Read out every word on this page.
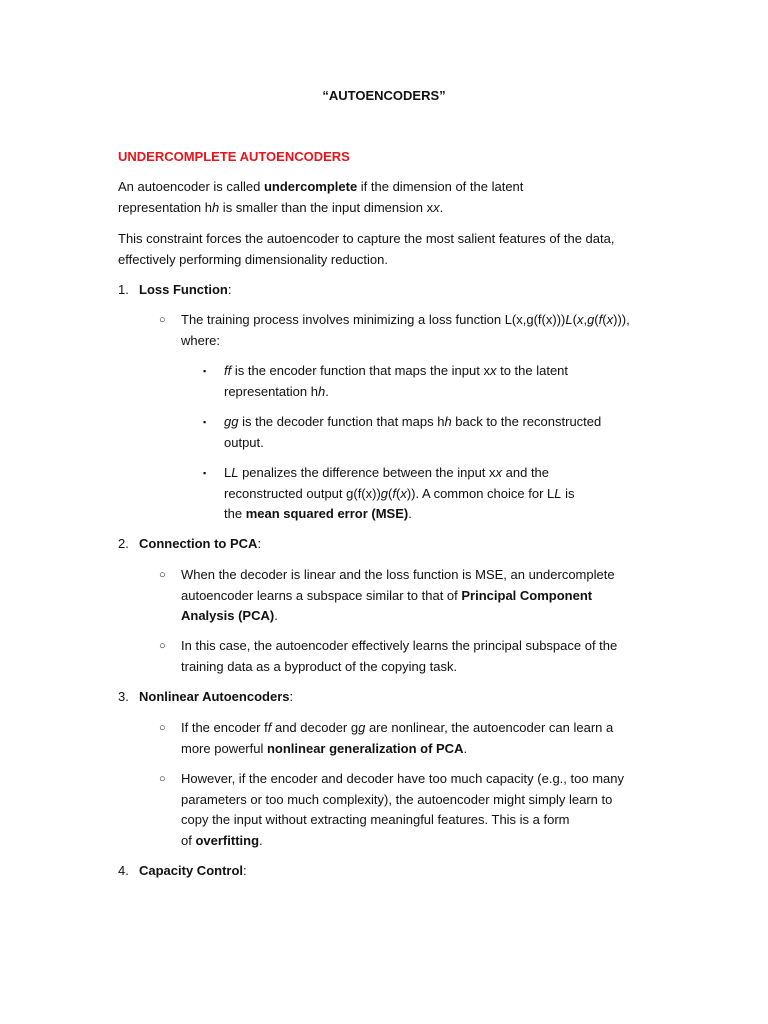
“AUTOENCODERS”
UNDERCOMPLETE AUTOENCODERS

An autoencoder is called undercomplete if the dimension of the latent

representation hh is smaller than the input dimension xx.

This constraint forces the autoencoder to capture the most salient features of the data,

effectively performing dimensionality reduction.

1. Loss Function:
○ The training process involves minimizing a loss function L(x,g(f(x)))L(x,g(f(x))),

where:

▪ ff is the encoder function that maps the input xx to the latent

representation hh.

▪ gg is the decoder function that maps hh back to the reconstructed

output.

▪ LL penalizes the difference between the input xx and the

reconstructed output g(f(x))g(f(x)). A common choice for LL is

the mean squared error (MSE).

2. Connection to PCA:
○ When the decoder is linear and the loss function is MSE, an undercomplete

autoencoder learns a subspace similar to that of Principal Component

Analysis (PCA).

○ In this case, the autoencoder effectively learns the principal subspace of the

training data as a byproduct of the copying task.

3. Nonlinear Autoencoders:
○ If the encoder ff and decoder gg are nonlinear, the autoencoder can learn a

more powerful nonlinear generalization of PCA.

○ However, if the encoder and decoder have too much capacity (e.g., too many

parameters or too much complexity), the autoencoder might simply learn to

copy the input without extracting meaningful features. This is a form

of overfitting.

4. Capacity Control:
